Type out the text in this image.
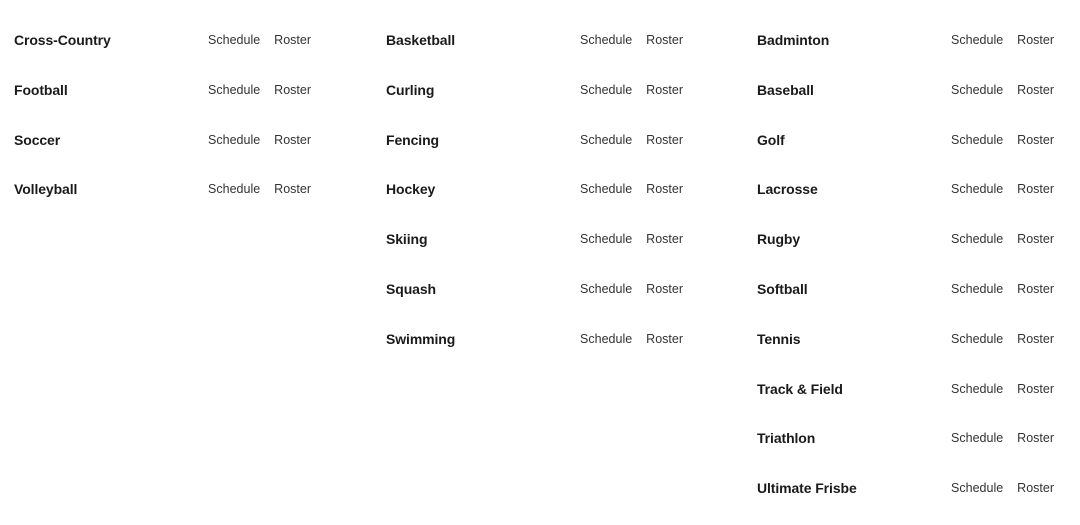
Cross-Country	Schedule Roster
Football	Schedule Roster
Soccer	Schedule Roster
Volleyball	Schedule Roster
Basketball	Schedule Roster
Curling	Schedule Roster
Fencing	Schedule Roster
Hockey	Schedule Roster
Skiing	Schedule Roster
Squash	Schedule Roster
Swimming	Schedule Roster
Badminton	Schedule Roster
Baseball	Schedule Roster
Golf	Schedule Roster
Lacrosse	Schedule Roster
Rugby	Schedule Roster
Softball	Schedule Roster
Tennis	Schedule Roster
Track & Field	Schedule Roster
Triathlon	Schedule Roster
Ultimate Frisbe	Schedule Roster
